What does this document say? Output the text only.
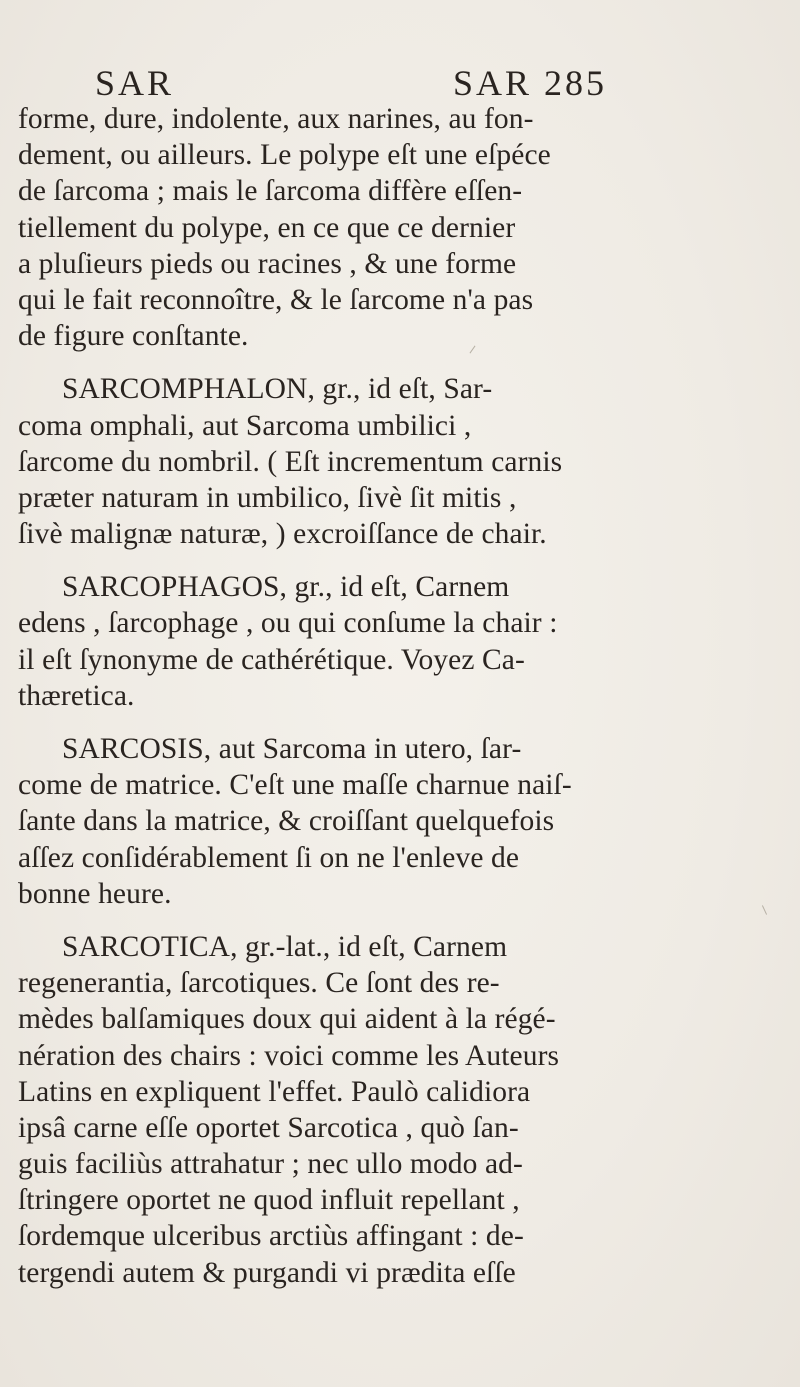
SAR	SAR 285
forme, dure, indolente, aux narines, au fon-
dement, ou ailleurs. Le polype eſt une eſpéce
de ſarcoma ; mais le ſarcoma diffère eſſen-
tiellement du polype, en ce que ce dernier
a pluſieurs pieds ou racines , & une forme
qui le fait reconnoître, & le ſarcome n'a pas
de figure conſtante.
SARCOMPHALON, gr., id eſt, Sar-
coma omphali, aut Sarcoma umbilici ,
ſarcome du nombril. ( Eſt incrementum carnis
præter naturam in umbilico, ſivè ſit mitis ,
ſivè malignæ naturæ, ) excroiſſance de chair.
SARCOPHAGOS, gr., id eſt, Carnem
edens , ſarcophage , ou qui conſume la chair :
il eſt ſynonyme de cathérétique. Voyez Ca-
thæretica.
SARCOSIS, aut Sarcoma in utero, ſar-
come de matrice. C'eſt une maſſe charnue naiſ-
ſante dans la matrice, & croiſſant quelquefois
aſſez conſidérablement ſi on ne l'enleve de
bonne heure.
SARCOTICA, gr.-lat., id eſt, Carnem
regenerantia, ſarcotiques. Ce ſont des re-
mèdes balſamiques doux qui aident à la régé-
nération des chairs : voici comme les Auteurs
Latins en expliquent l'effet. Paulò calidiora
ipsâ carne eſſe oportet Sarcotica , quò ſan-
guis faciliùs attrahatur ; nec ullo modo ad-
ſtringere oportet ne quod influit repellant ,
ſordemque ulceribus arctiùs affingant : de-
tergendi autem & purgandi vi prædita eſſe
